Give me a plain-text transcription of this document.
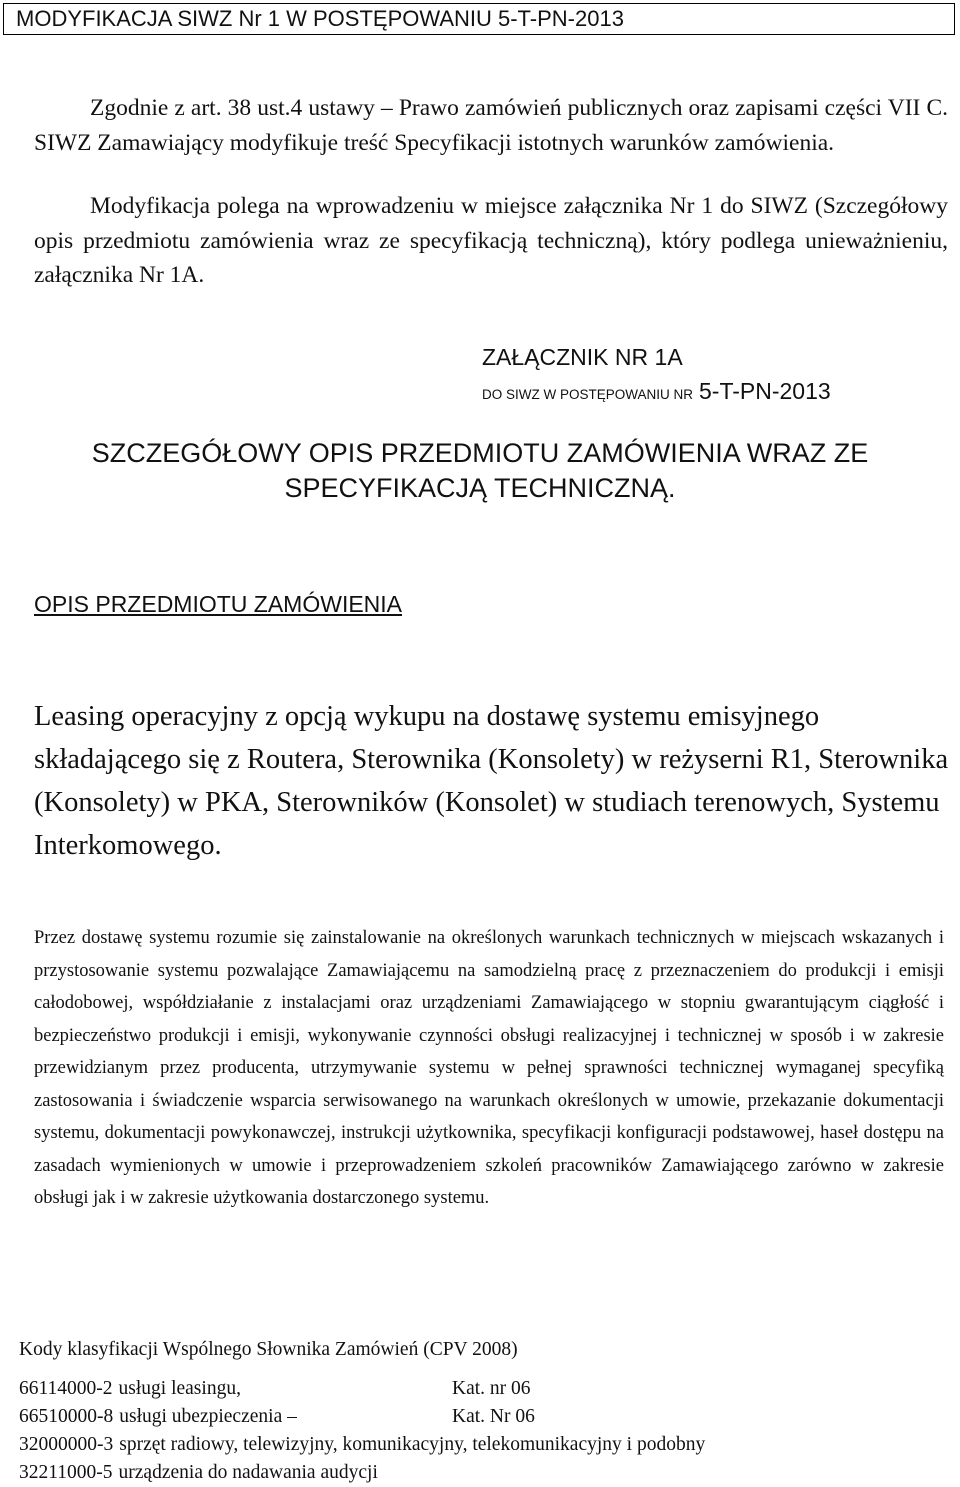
MODYFIKACJA SIWZ Nr 1 W POSTĘPOWANIU 5-T-PN-2013

Zgodnie z art. 38 ust.4 ustawy – Prawo zamówień publicznych oraz zapisami części VII C. SIWZ Zamawiający modyfikuje treść Specyfikacji istotnych warunków zamówienia.

Modyfikacja polega na wprowadzeniu w miejsce załącznika Nr 1 do SIWZ (Szczegółowy opis przedmiotu zamówienia wraz ze specyfikacją techniczną), który podlega unieważnieniu, załącznika Nr 1A.

ZAŁĄCZNIK NR 1A
DO SIWZ W POSTĘPOWANIU NR 5-T-PN-2013
SZCZEGÓŁOWY OPIS PRZEDMIOTU ZAMÓWIENIA WRAZ ZE SPECYFIKACJĄ TECHNICZNĄ.
OPIS PRZEDMIOTU ZAMÓWIENIA
Leasing operacyjny z opcją wykupu na dostawę systemu emisyjnego składającego się z Routera, Sterownika (Konsolety) w reżyserni R1, Sterownika (Konsolety) w PKA, Sterowników (Konsolet) w studiach terenowych, Systemu Interkomowego.
Przez dostawę systemu rozumie się zainstalowanie na określonych warunkach technicznych w miejscach wskazanych i przystosowanie systemu pozwalające Zamawiającemu na samodzielną pracę z przeznaczeniem do produkcji i emisji całodobowej, współdziałanie z instalacjami oraz urządzeniami Zamawiającego w stopniu gwarantującym ciągłość i bezpieczeństwo produkcji i emisji, wykonywanie czynności obsługi realizacyjnej i technicznej w sposób i w zakresie przewidzianym przez producenta, utrzymywanie systemu w pełnej sprawności technicznej wymaganej specyfiką zastosowania i świadczenie wsparcia serwisowanego na warunkach określonych w umowie, przekazanie dokumentacji systemu, dokumentacji powykonawczej, instrukcji użytkownika, specyfikacji konfiguracji podstawowej, haseł dostępu na zasadach wymienionych w umowie i przeprowadzeniem szkoleń pracowników Zamawiającego zarówno w zakresie obsługi jak i w zakresie użytkowania dostarczonego systemu.
Kody klasyfikacji Wspólnego Słownika Zamówień (CPV 2008)
66114000-2 usługi leasingu,	Kat. nr 06
66510000-8 usługi ubezpieczenia –	Kat. Nr 06
32000000-3 sprzęt radiowy, telewizyjny, komunikacyjny, telekomunikacyjny i podobny
32211000-5 urządzenia do nadawania audycji
